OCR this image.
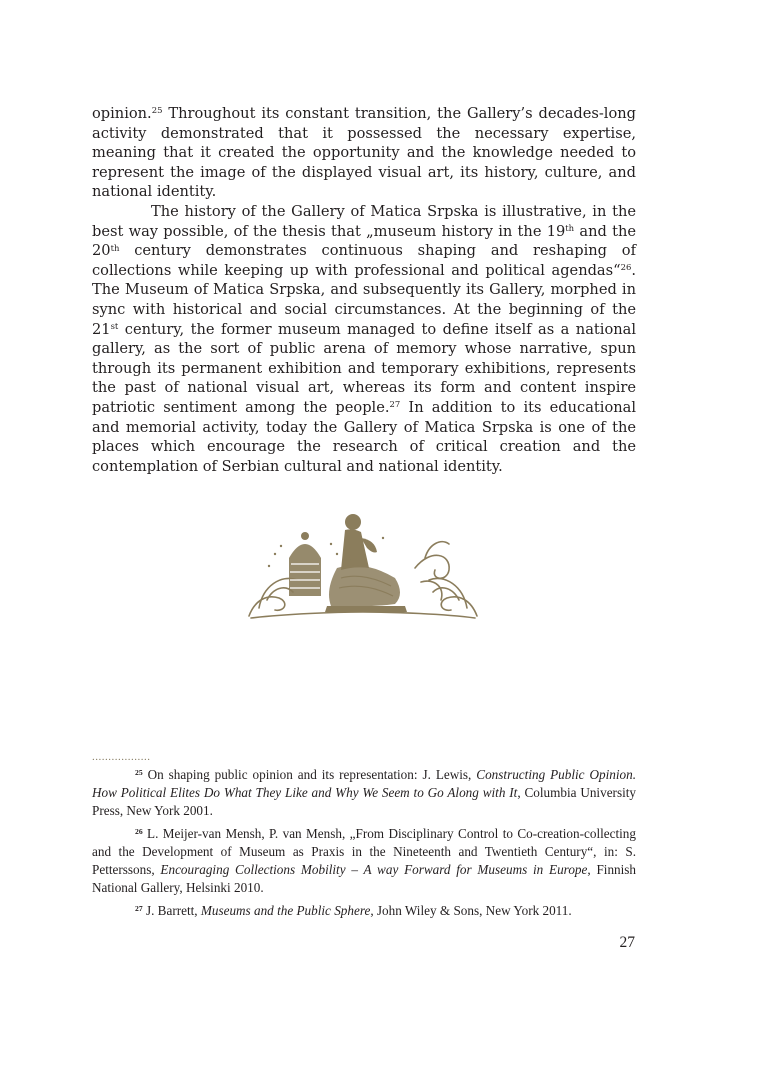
opinion.$^{25}$ Throughout its constant transition, the Gallery’s decades-long activity demonstrated that it possessed the necessary expertise, meaning that it created the opportunity and the knowledge needed to represent the image of the displayed visual art, its history, culture, and national identity.

The history of the Gallery of Matica Srpska is illustrative, in the best way possible, of the thesis that „museum history in the 19th and the 20th century demonstrates continuous shaping and reshaping of collections while keeping up with professional and political agendas“$^{26}$. The Museum of Matica Srpska, and subsequently its Gallery, morphed in sync with historical and social circumstances. At the beginning of the 21st century, the former museum managed to define itself as a national gallery, as the sort of public arena of memory whose narrative, spun through its permanent exhibition and temporary exhibitions, represents the past of national visual art, whereas its form and content inspire patriotic sentiment among the people.$^{27}$ In addition to its educational and memorial activity, today the Gallery of Matica Srpska is one of the places which encourage the research of critical creation and the contemplation of Serbian cultural and national identity.

..................

$^{25}$ On shaping public opinion and its representation: J. Lewis, Constructing Public Opinion. How Political Elites Do What They Like and Why We Seem to Go Along with It, Columbia University Press, New York 2001.

$^{26}$ L. Meijer-van Mensh, P. van Mensh, „From Disciplinary Control to Co-creation-collecting and the Development of Museum as Praxis in the Nineteenth and Twentieth Century“, in: S. Petterssons, Encouraging Collections Mobility – A way Forward for Museums in Europe, Finnish National Gallery, Helsinki 2010.

$^{27}$ J. Barrett, Museums and the Public Sphere, John Wiley & Sons, New York 2011.

27
